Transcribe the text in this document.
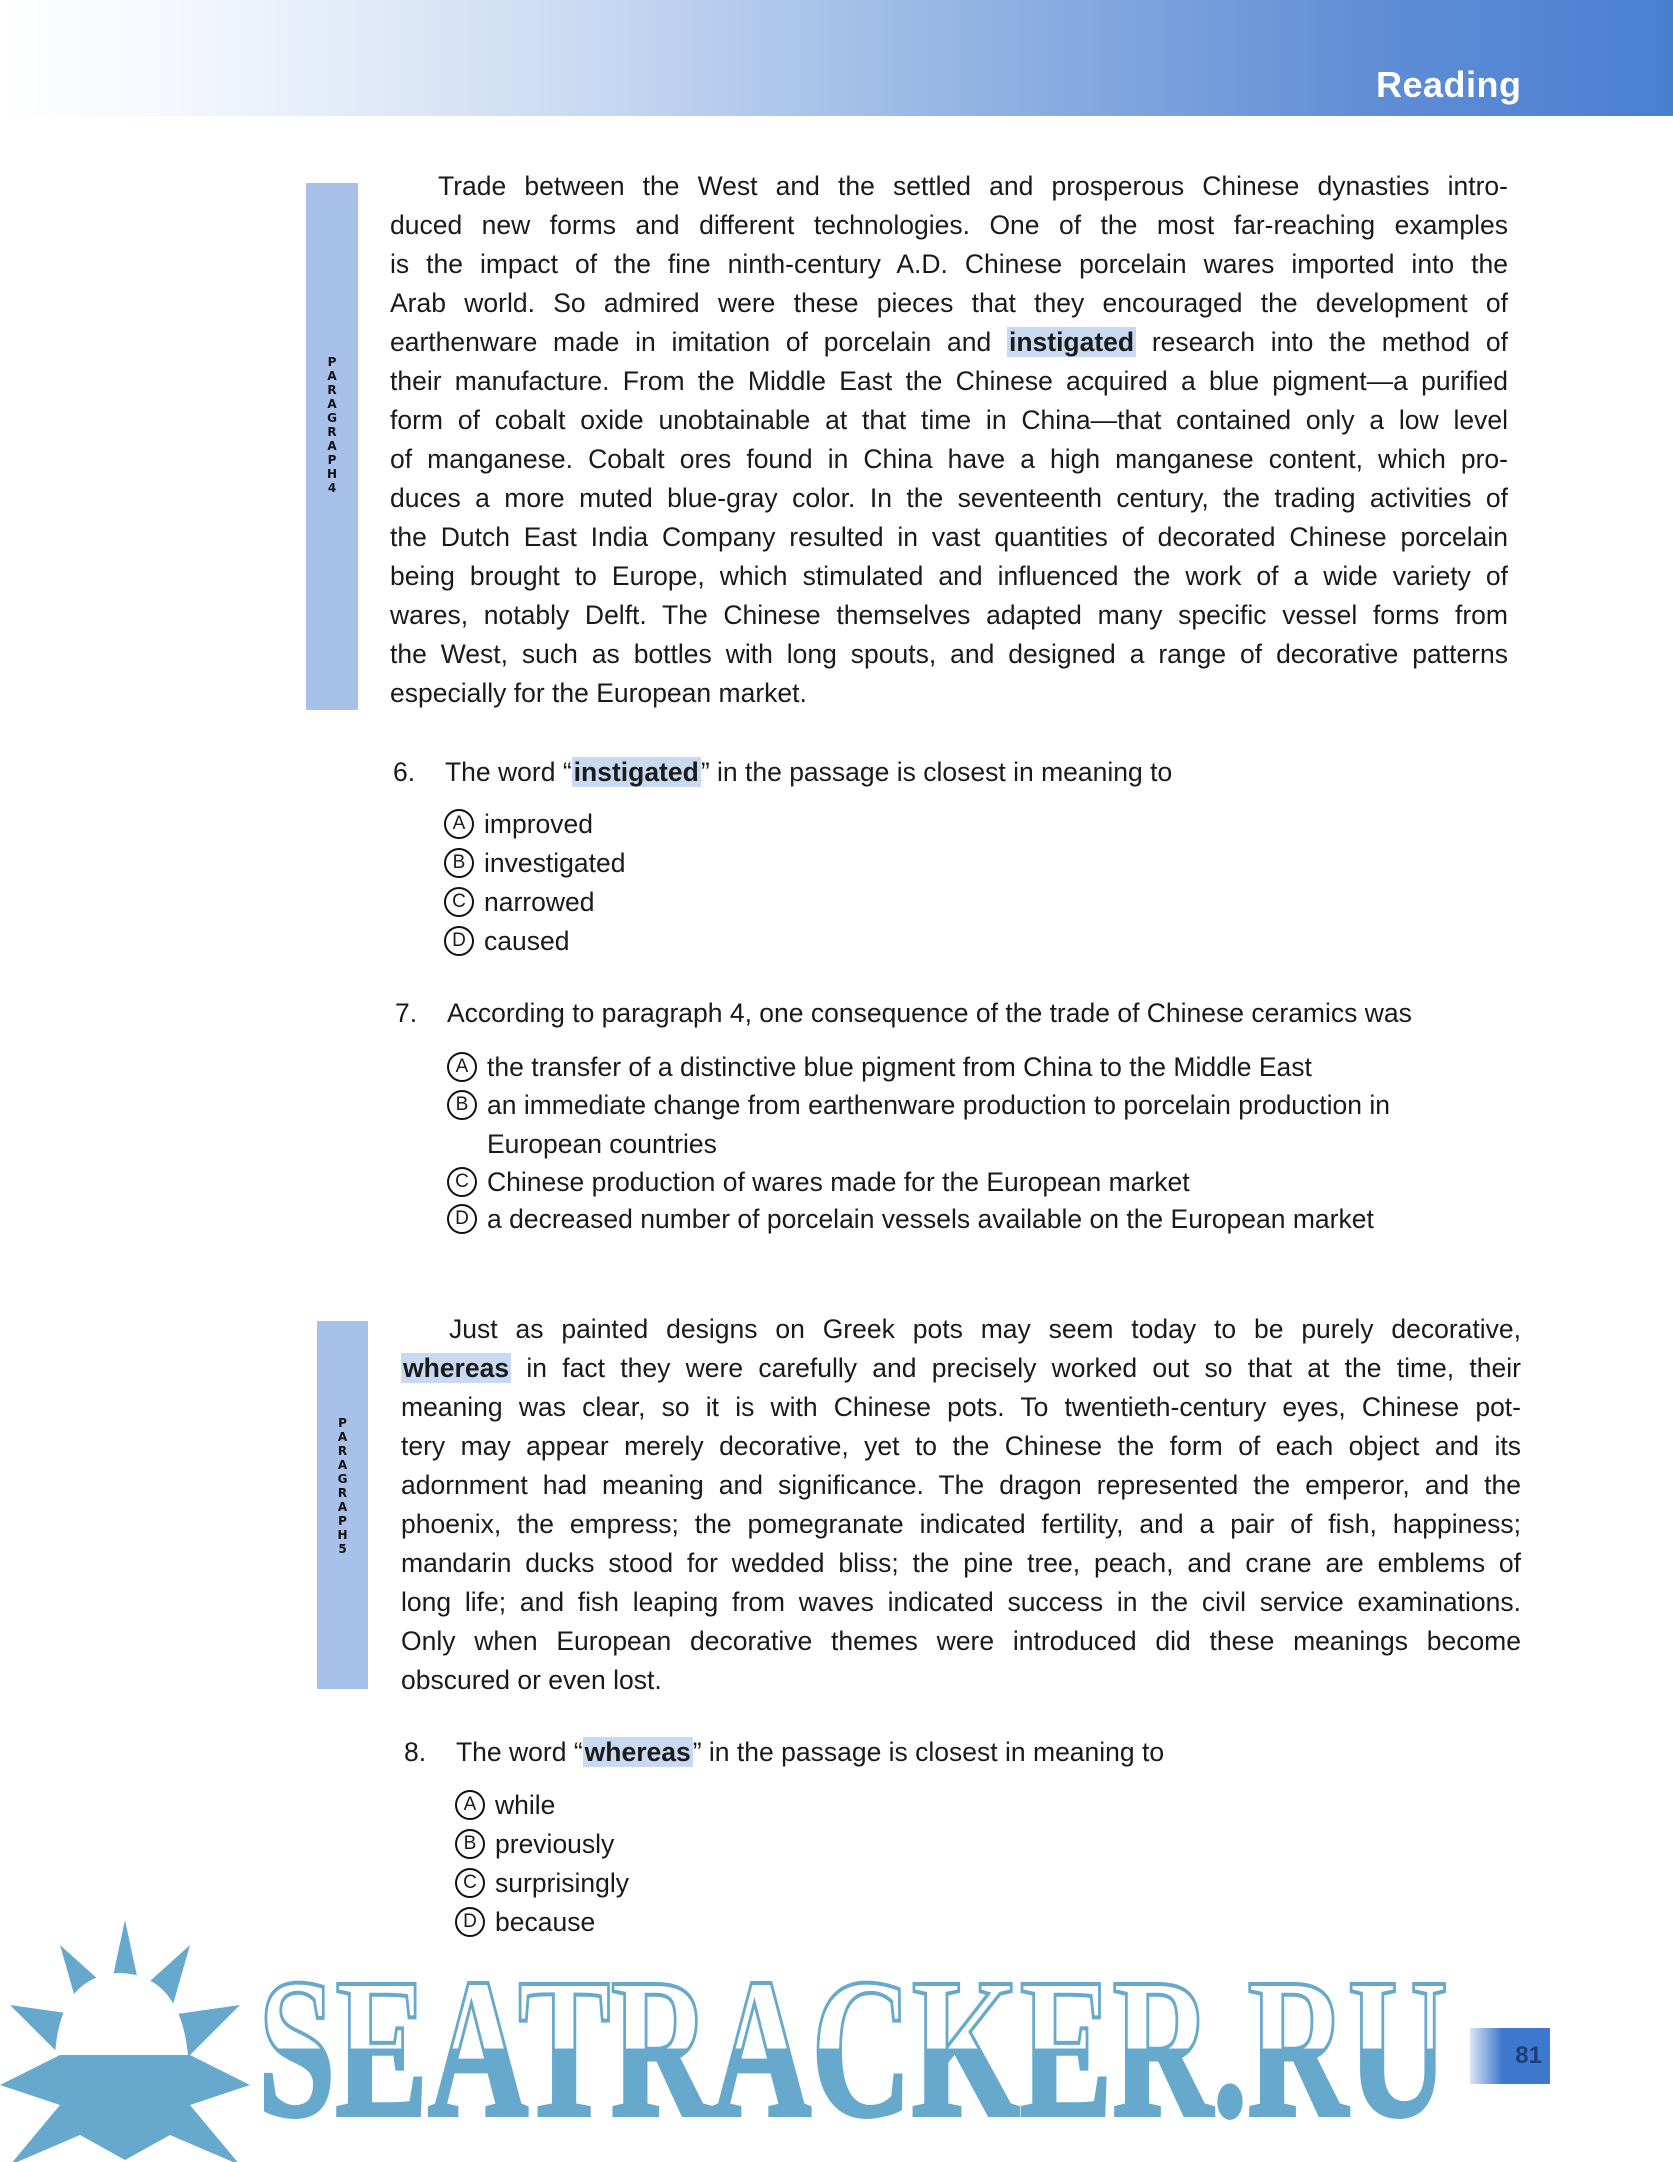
Reading
PARAGRAPH
4
Trade between the West and the settled and prosperous Chinese dynasties intro-
duced new forms and different technologies. One of the most far-reaching examples
is the impact of the fine ninth-century A.D. Chinese porcelain wares imported into the
Arab world. So admired were these pieces that they encouraged the development of
earthenware made in imitation of porcelain and instigated research into the method of
their manufacture. From the Middle East the Chinese acquired a blue pigment—a purified
form of cobalt oxide unobtainable at that time in China—that contained only a low level
of manganese. Cobalt ores found in China have a high manganese content, which pro-
duces a more muted blue-gray color. In the seventeenth century, the trading activities of
the Dutch East India Company resulted in vast quantities of decorated Chinese porcelain
being brought to Europe, which stimulated and influenced the work of a wide variety of
wares, notably Delft. The Chinese themselves adapted many specific vessel forms from
the West, such as bottles with long spouts, and designed a range of decorative patterns
especially for the European market.
6. The word “instigated” in the passage is closest in meaning to
A improved
B investigated
C narrowed
D caused
7. According to paragraph 4, one consequence of the trade of Chinese ceramics was
A the transfer of a distinctive blue pigment from China to the Middle East
B an immediate change from earthenware production to porcelain production in
European countries
C Chinese production of wares made for the European market
D a decreased number of porcelain vessels available on the European market
PARAGRAPH
5
Just as painted designs on Greek pots may seem today to be purely decorative,
whereas in fact they were carefully and precisely worked out so that at the time, their
meaning was clear, so it is with Chinese pots. To twentieth-century eyes, Chinese pot-
tery may appear merely decorative, yet to the Chinese the form of each object and its
adornment had meaning and significance. The dragon represented the emperor, and the
phoenix, the empress; the pomegranate indicated fertility, and a pair of fish, happiness;
mandarin ducks stood for wedded bliss; the pine tree, peach, and crane are emblems of
long life; and fish leaping from waves indicated success in the civil service examinations.
Only when European decorative themes were introduced did these meanings become
obscured or even lost.
8. The word “whereas” in the passage is closest in meaning to
A while
B previously
C surprisingly
D because
SEATRACKER.RU	81
